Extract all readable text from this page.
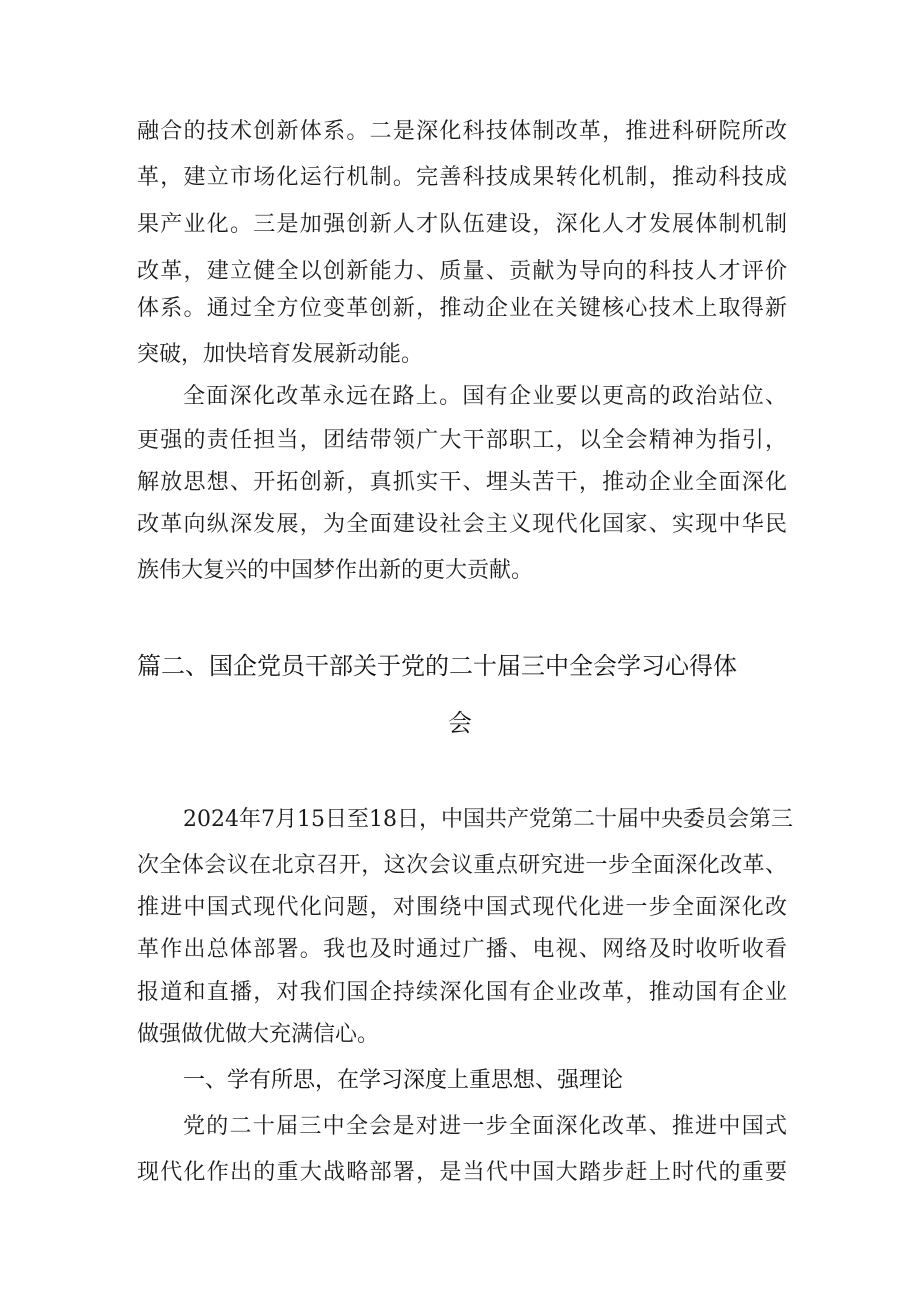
融合的技术创新体系。二是深化科技体制改革，推进科研院所改
革，建立市场化运行机制。完善科技成果转化机制，推动科技成
果产业化。三是加强创新人才队伍建设，深化人才发展体制机制
改革，建立健全以创新能力、质量、贡献为导向的科技人才评价
体系。通过全方位变革创新，推动企业在关键核心技术上取得新
突破，加快培育发展新动能。
全面深化改革永远在路上。国有企业要以更高的政治站位、
更强的责任担当，团结带领广大干部职工，以全会精神为指引，
解放思想、开拓创新，真抓实干、埋头苦干，推动企业全面深化
改革向纵深发展，为全面建设社会主义现代化国家、实现中华民
族伟大复兴的中国梦作出新的更大贡献。
篇二、国企党员干部关于党的二十届三中全会学习心得体
会
2024年7月15日至18日，中国共产党第二十届中央委员会第三
次全体会议在北京召开，这次会议重点研究进一步全面深化改革、
推进中国式现代化问题，对围绕中国式现代化进一步全面深化改
革作出总体部署。我也及时通过广播、电视、网络及时收听收看
报道和直播，对我们国企持续深化国有企业改革，推动国有企业
做强做优做大充满信心。
一、学有所思，在学习深度上重思想、强理论
党的二十届三中全会是对进一步全面深化改革、推进中国式
现代化作出的重大战略部署，是当代中国大踏步赶上时代的重要
